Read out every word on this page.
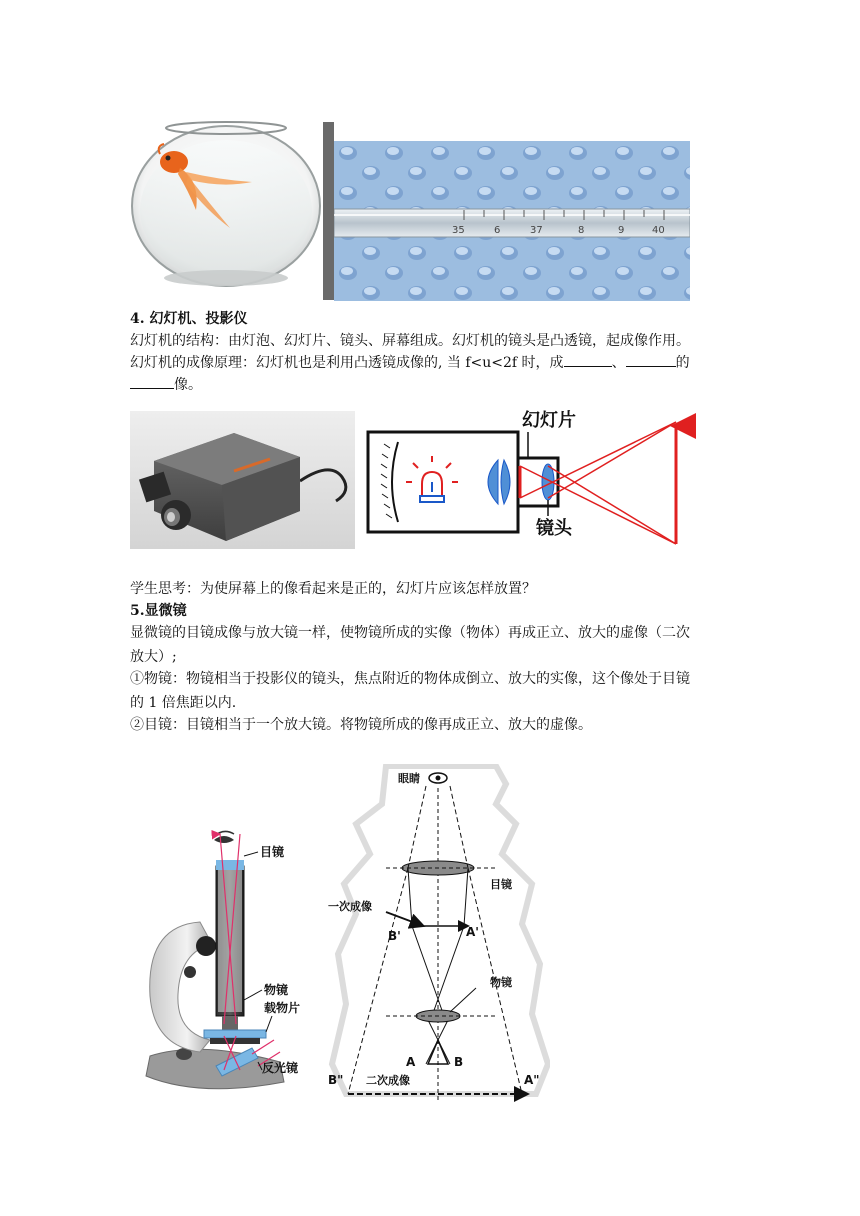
35	6	37	8	9	40
4. 幻灯机、投影仪
幻灯机的结构：由灯泡、幻灯片、镜头、屏幕组成。幻灯机的镜头是凸透镜，起成像作用。
幻灯机的成像原理：幻灯机也是利用凸透镜成像的, 当 f<u<2f 时，成	、	的
像。
幻灯片
镜头
学生思考：为使屏幕上的像看起来是正的，幻灯片应该怎样放置？
5.显微镜
显微镜的目镜成像与放大镜一样，使物镜所成的实像（物体）再成正立、放大的虚像（二次
放大）;
①物镜：物镜相当于投影仪的镜头，焦点附近的物体成倒立、放大的实像，这个像处于目镜
的 1 倍焦距以内.
②目镜：目镜相当于一个放大镜。将物镜所成的像再成正立、放大的虚像。
目镜
物镜
载物片
反光镜
眼睛
目镜
一次成像
B'	A'
物镜
A	B
B" 二次成像	A"
